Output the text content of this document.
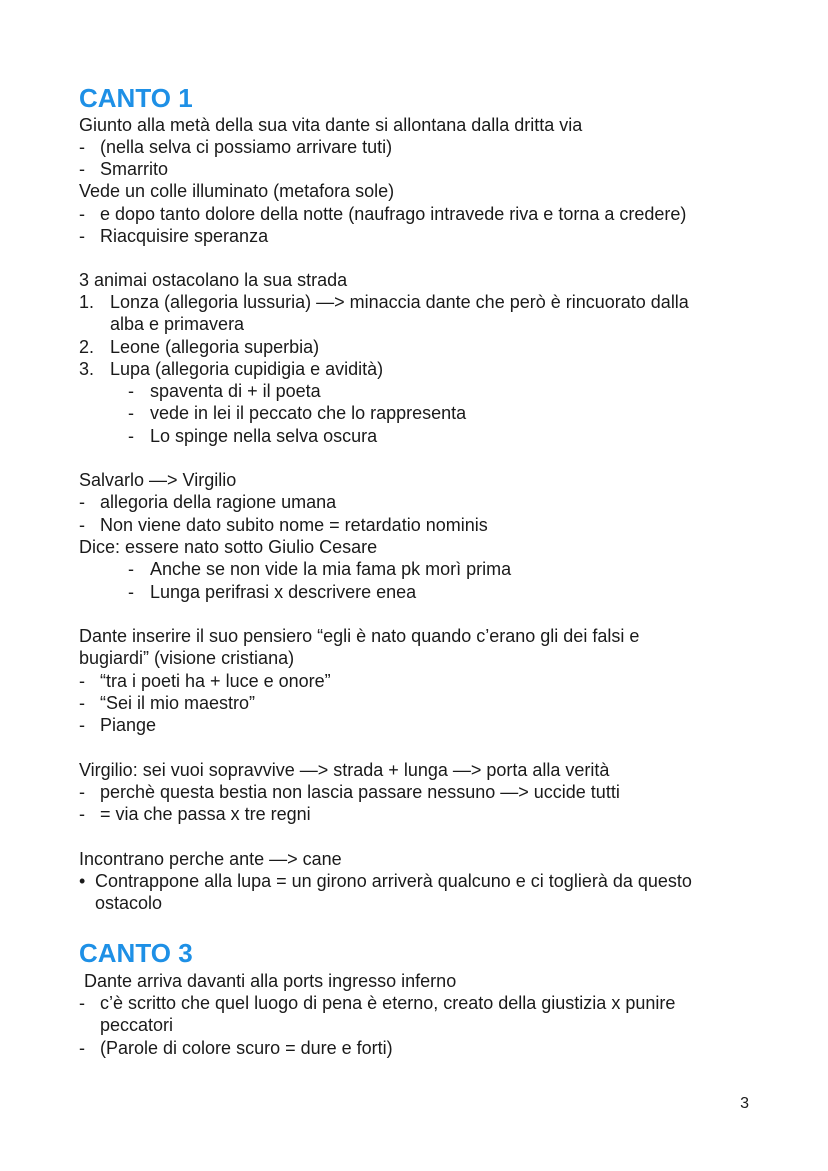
CANTO 1
Giunto alla metà della sua vita dante si allontana dalla dritta via
- (nella selva ci possiamo arrivare tuti)
- Smarrito
Vede un colle illuminato (metafora sole)
- e dopo tanto dolore della notte (naufrago intravede riva e torna a credere)
- Riacquisire speranza
3 animai ostacolano la sua strada
1. Lonza (allegoria lussuria) —> minaccia dante che però è rincuorato dalla
alba e primavera
2. Leone (allegoria superbia)
3. Lupa (allegoria cupidigia e avidità)
- spaventa di + il poeta
- vede in lei il peccato che lo rappresenta
- Lo spinge nella selva oscura
Salvarlo —> Virgilio
- allegoria della ragione umana
- Non viene dato subito nome = retardatio nominis
Dice: essere nato sotto Giulio Cesare
- Anche se non vide la mia fama pk morì prima
- Lunga perifrasi x descrivere enea
Dante inserire il suo pensiero “egli è nato quando c’erano gli dei falsi e
bugiardi” (visione cristiana)
- “tra i poeti ha + luce e onore”
- “Sei il mio maestro”
- Piange
Virgilio: sei vuoi sopravvive —> strada + lunga —> porta alla verità
- perchè questa bestia non lascia passare nessuno —> uccide tutti
- = via che passa x tre regni
Incontrano perche ante —> cane
• Contrappone alla lupa = un girono arriverà qualcuno e ci toglierà da questo
ostacolo
CANTO 3
Dante arriva davanti alla ports ingresso inferno
- c’è scritto che quel luogo di pena è eterno, creato della giustizia x punire
peccatori
- (Parole di colore scuro = dure e forti)
3
